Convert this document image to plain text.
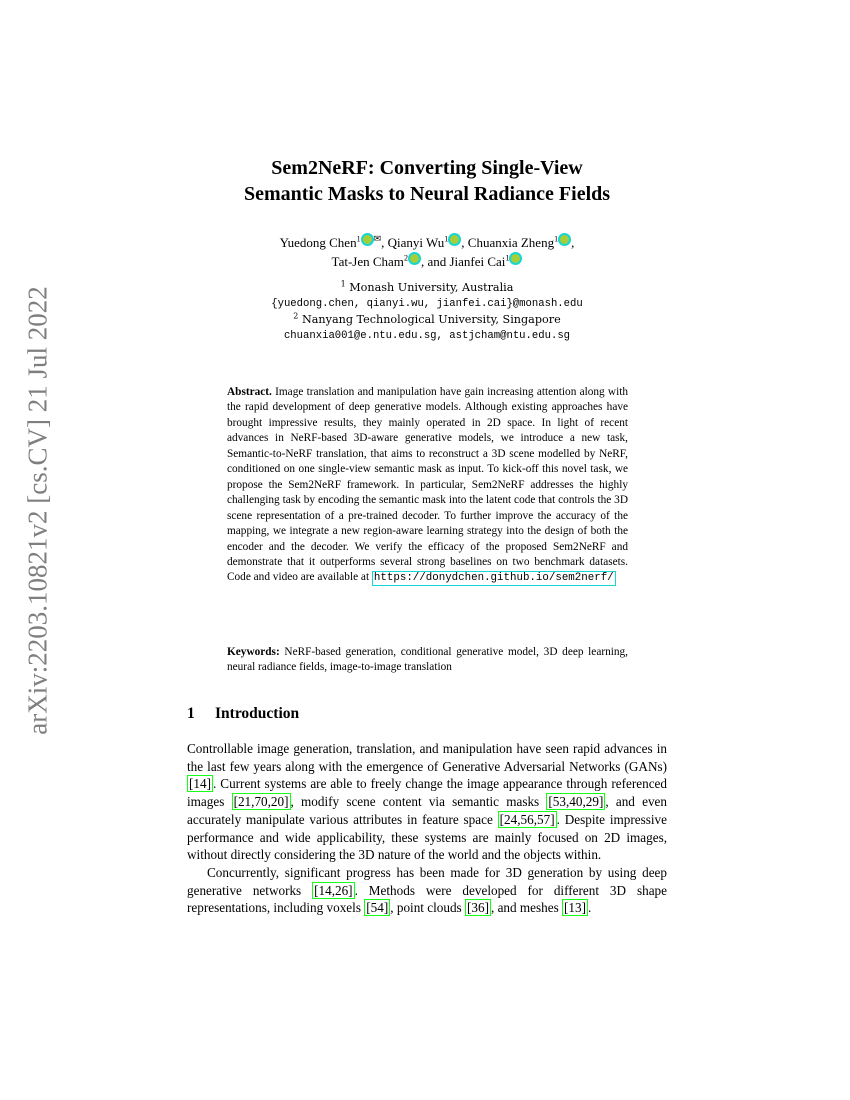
arXiv:2203.10821v2 [cs.CV] 21 Jul 2022
Sem2NeRF: Converting Single-View
Semantic Masks to Neural Radiance Fields
Yuedong Chen$^1$ ✉, Qianyi Wu$^1$ , Chuanxia Zheng$^1$ ,
Tat-Jen Cham$^2$ , and Jianfei Cai$^1$
$^1$ Monash University, Australia
{yuedong.chen, qianyi.wu, jianfei.cai}@monash.edu
$^2$ Nanyang Technological University, Singapore
chuanxia001@e.ntu.edu.sg, astjcham@ntu.edu.sg
Abstract. Image translation and manipulation have gain increasing attention along with the rapid development of deep generative models. Although existing approaches have brought impressive results, they mainly operated in 2D space. In light of recent advances in NeRF-based 3D-aware generative models, we introduce a new task, Semantic-to-NeRF translation, that aims to reconstruct a 3D scene modelled by NeRF, conditioned on one single-view semantic mask as input. To kick-off this novel task, we propose the Sem2NeRF framework. In particular, Sem2NeRF addresses the highly challenging task by encoding the semantic mask into the latent code that controls the 3D scene representation of a pre-trained decoder. To further improve the accuracy of the mapping, we integrate a new region-aware learning strategy into the design of both the encoder and the decoder. We verify the efficacy of the proposed Sem2NeRF and demonstrate that it outperforms several strong baselines on two benchmark datasets. Code and video are available at https://donydchen.github.io/sem2nerf/
Keywords: NeRF-based generation, conditional generative model, 3D deep learning, neural radiance fields, image-to-image translation
1 Introduction

Controllable image generation, translation, and manipulation have seen rapid advances in the last few years along with the emergence of Generative Adversarial Networks (GANs) [14] . Current systems are able to freely change the image appearance through referenced images [21,70,20] , modify scene content via semantic masks [53,40,29] , and even accurately manipulate various attributes in feature space [24,56,57] . Despite impressive performance and wide applicability, these systems are mainly focused on 2D images, without directly considering the 3D nature of the world and the objects within.

Concurrently, significant progress has been made for 3D generation by using deep generative networks [14,26] . Methods were developed for different 3D shape representations, including voxels [54] , point clouds [36] , and meshes [13] .
